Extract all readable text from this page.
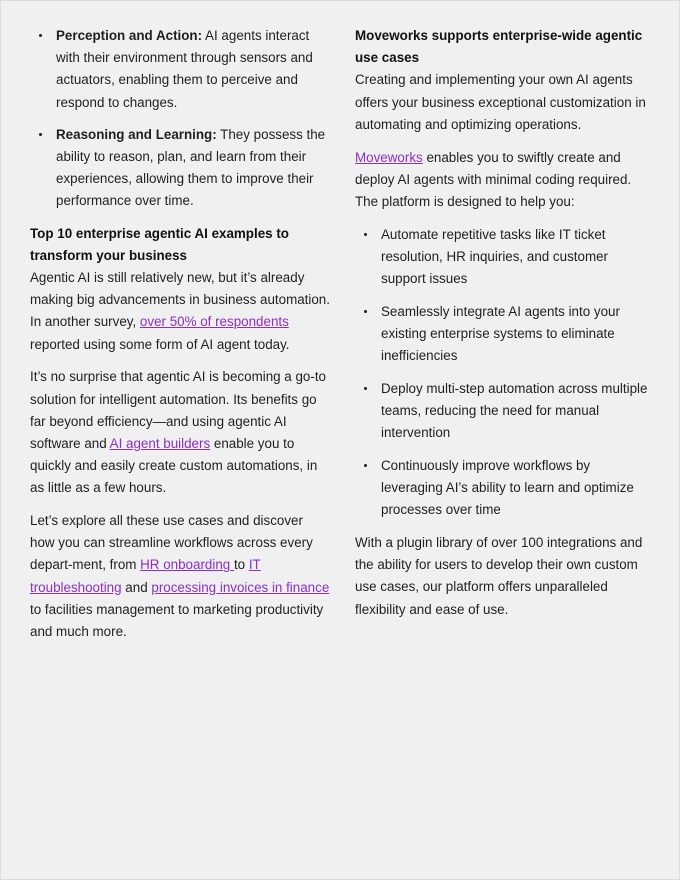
Perception and Action: AI agents interact with their environment through sensors and actuators, enabling them to perceive and respond to changes.
Reasoning and Learning: They possess the ability to reason, plan, and learn from their experiences, allowing them to improve their performance over time.
Top 10 enterprise agentic AI examples to transform your business

Agentic AI is still relatively new, but it’s already making big advancements in business automation. In another survey, over 50% of respondents reported using some form of AI agent today.

It’s no surprise that agentic AI is becoming a go-to solution for intelligent automation. Its benefits go far beyond efficiency—and using agentic AI software and AI agent builders enable you to quickly and easily create custom automations, in as little as a few hours.

Let’s explore all these use cases and discover how you can streamline workflows across every depart-ment, from HR onboarding to IT troubleshooting and processing invoices in finance to facilities management to marketing productivity and much more.

Moveworks supports enterprise-wide agentic use cases

Creating and implementing your own AI agents offers your business exceptional customization in automating and optimizing operations.

Moveworks enables you to swiftly create and deploy AI agents with minimal coding required. The platform is designed to help you:

Automate repetitive tasks like IT ticket resolution, HR inquiries, and customer support issues
Seamlessly integrate AI agents into your existing enterprise systems to eliminate inefficiencies
Deploy multi-step automation across multiple teams, reducing the need for manual intervention
Continuously improve workflows by leveraging AI’s ability to learn and optimize processes over time

With a plugin library of over 100 integrations and the ability for users to develop their own custom use cases, our platform offers unparalleled flexibility and ease of use.
